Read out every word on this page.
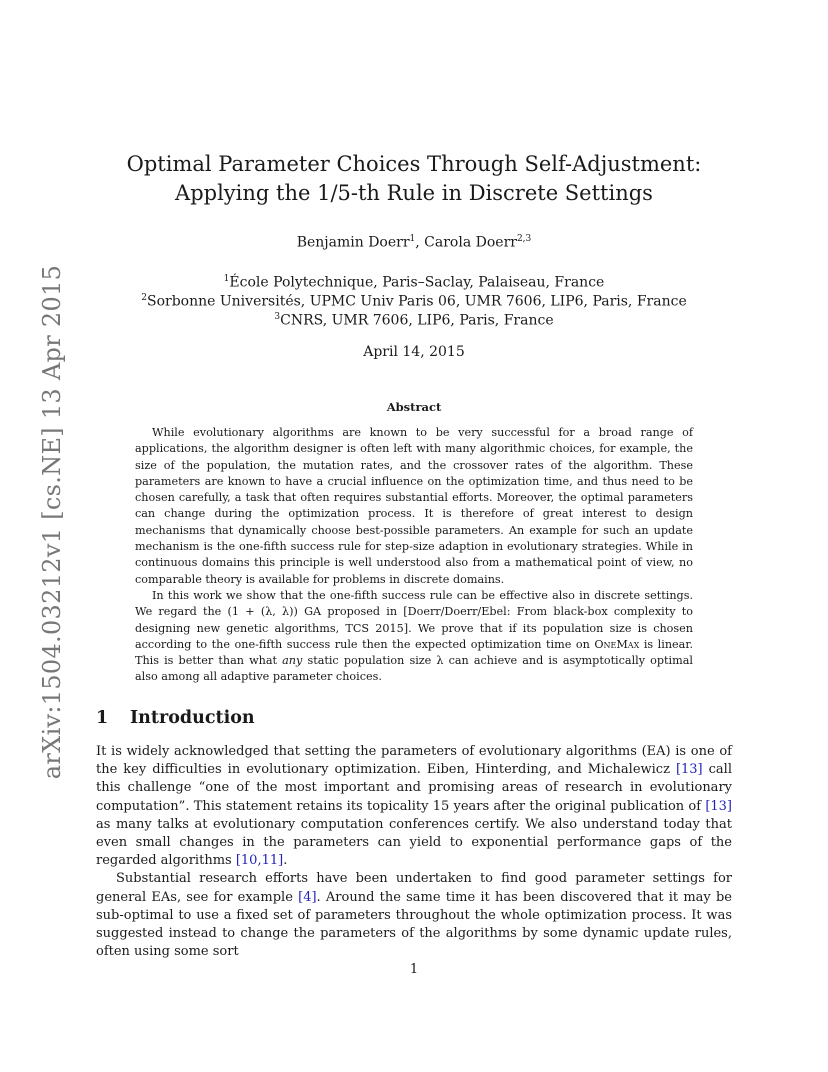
arXiv:1504.03212v1 [cs.NE] 13 Apr 2015
Optimal Parameter Choices Through Self-Adjustment: Applying the 1/5-th Rule in Discrete Settings
Benjamin Doerr$^1$, Carola Doerr$^{2,3}$
$^1$École Polytechnique, Paris–Saclay, Palaiseau, France
$^2$Sorbonne Universités, UPMC Univ Paris 06, UMR 7606, LIP6, Paris, France
$^3$CNRS, UMR 7606, LIP6, Paris, France
April 14, 2015
Abstract

While evolutionary algorithms are known to be very successful for a broad range of applications, the algorithm designer is often left with many algorithmic choices, for example, the size of the population, the mutation rates, and the crossover rates of the algorithm. These parameters are known to have a crucial influence on the optimization time, and thus need to be chosen carefully, a task that often requires substantial efforts. Moreover, the optimal parameters can change during the optimization process. It is therefore of great interest to design mechanisms that dynamically choose best-possible parameters. An example for such an update mechanism is the one-fifth success rule for step-size adaption in evolutionary strategies. While in continuous domains this principle is well understood also from a mathematical point of view, no comparable theory is available for problems in discrete domains.

In this work we show that the one-fifth success rule can be effective also in discrete settings. We regard the (1 + (λ, λ)) GA proposed in [Doerr/Doerr/Ebel: From black-box complexity to designing new genetic algorithms, TCS 2015]. We prove that if its population size is chosen according to the one-fifth success rule then the expected optimization time on OneMax is linear. This is better than what any static population size λ can achieve and is asymptotically optimal also among all adaptive parameter choices.

1 Introduction

It is widely acknowledged that setting the parameters of evolutionary algorithms (EA) is one of the key difficulties in evolutionary optimization. Eiben, Hinterding, and Michalewicz [13] call this challenge “one of the most important and promising areas of research in evolutionary computation”. This statement retains its topicality 15 years after the original publication of [13] as many talks at evolutionary computation conferences certify. We also understand today that even small changes in the parameters can yield to exponential performance gaps of the regarded algorithms [10,11].

Substantial research efforts have been undertaken to find good parameter settings for general EAs, see for example [4]. Around the same time it has been discovered that it may be sub-optimal to use a fixed set of parameters throughout the whole optimization process. It was suggested instead to change the parameters of the algorithms by some dynamic update rules, often using some sort

1
